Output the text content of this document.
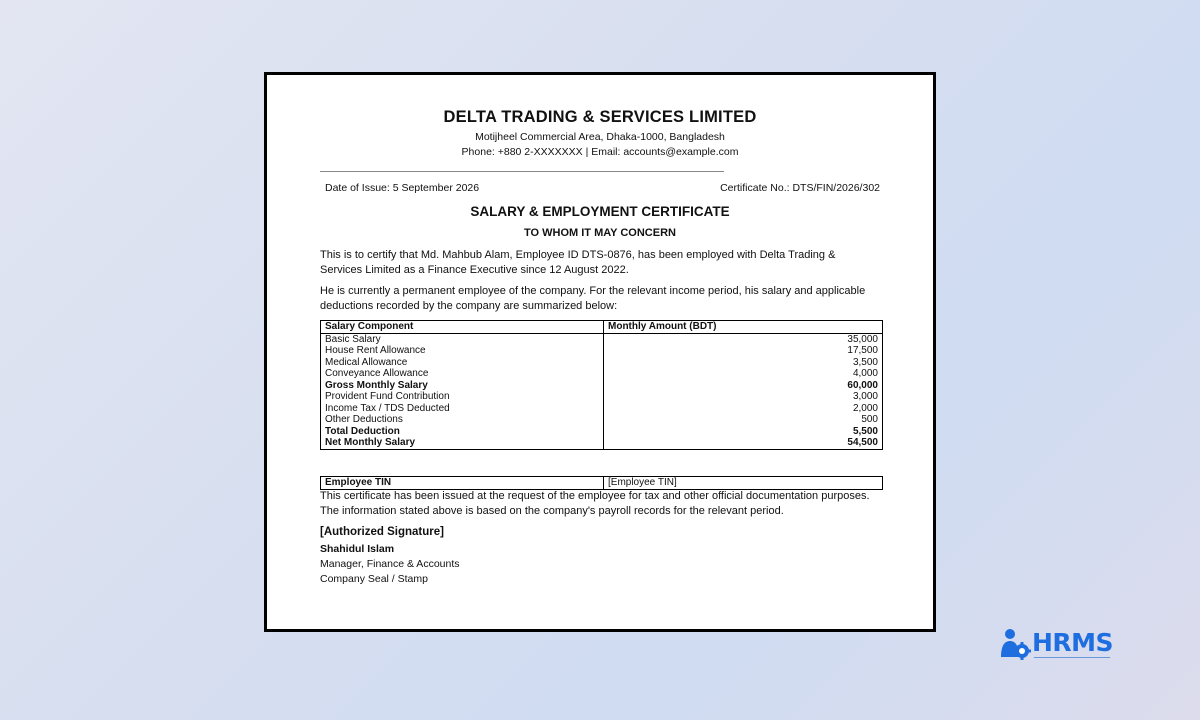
DELTA TRADING & SERVICES LIMITED
Motijheel Commercial Area, Dhaka-1000, Bangladesh
Phone: +880 2-XXXXXXX | Email: accounts@example.com
Date of Issue: 5 September 2026	Certificate No.: DTS/FIN/2026/302
SALARY & EMPLOYMENT CERTIFICATE
TO WHOM IT MAY CONCERN
This is to certify that Md. Mahbub Alam, Employee ID DTS-0876, has been employed with Delta Trading & Services Limited as a Finance Executive since 12 August 2022.
He is currently a permanent employee of the company. For the relevant income period, his salary and applicable deductions recorded by the company are summarized below:
Salary Component	Monthly Amount (BDT)
Basic Salary	35,000
House Rent Allowance	17,500
Medical Allowance	3,500
Conveyance Allowance	4,000
Gross Monthly Salary	60,000
Provident Fund Contribution	3,000
Income Tax / TDS Deducted	2,000
Other Deductions	500
Total Deduction	5,500
Net Monthly Salary	54,500
Employee TIN	[Employee TIN]
This certificate has been issued at the request of the employee for tax and other official documentation purposes. The information stated above is based on the company's payroll records for the relevant period.
[Authorized Signature]
Shahidul Islam
Manager, Finance & Accounts
Company Seal / Stamp
HRMS
